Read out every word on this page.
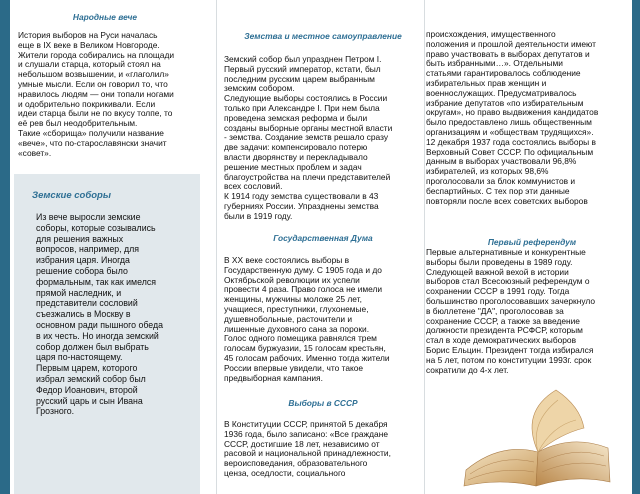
Народные вече

История выборов на Руси началась
еще в IX веке в Великом Новгороде.
Жители города собирались на площади
и слушали старца, который стоял на
небольшом возвышении, и «глаголил»
умные мысли. Если он говорил то, что
нравилось людям — они топали ногами
и одобрительно покрикивали. Если
идеи старца были не по вкусу толпе, то
её рев был неодобрительным.
Такие «сборища» получили название
«вече», что по-старославянски значит
«совет».

Земские соборы

Из вече выросли земские
соборы, которые созывались
для решения важных
вопросов, например, для
избрания царя. Иногда
решение собора было
формальным, так как имелся
прямой наследник, и
представители сословий
съезжались в Москву в
основном ради пышного обеда
в их честь. Но иногда земский
собор должен был выбрать
царя по-настоящему.
Первым царем, которого
избрал земский собор был
Федор Иоанович, второй
русский царь и сын Ивана
Грозного.

Земства и местное самоуправление

Земский собор был упразднен Петром I.
Первый русский император, кстати, был
последним русским царем выбранным
земским собором.
Следующие выборы состоялись в России
только при Александре I. При нем была
проведена земская реформа и были
созданы выборные органы местной власти
- земства. Создание земств решало сразу
две задачи: компенсировало потерю
власти дворянству и перекладывало
решение местных проблем и задач
благоустройства на плечи представителей
всех сословий.
К 1914 году земства существовали в 43
губерниях России. Упразднены земства
были в 1919 году.

Государственная Дума

В XX веке состоялись выборы в
Государственную думу. С 1905 года и до
Октябрьской революции их успели
провести 4 раза. Право голоса не имели
женщины, мужчины моложе 25 лет,
учащиеся, преступники, глухонемые,
душевнобольные, расточители и
лишенные духовного сана за пороки.
Голос одного помещика равнялся трем
голосам буржуазии, 15 голосам крестьян,
45 голосам рабочих. Именно тогда жители
России впервые увидели, что такое
предвыборная кампания.

Выборы в СССР

В Конституции СССР, принятой 5 декабря
1936 года, было записано: «Все граждане
СССР, достигшие 18 лет, независимо от
расовой и национальной принадлежности,
вероисповедания, образовательного
ценза, оседлости, социального

происхождения, имущественного
положения и прошлой деятельности имеют
право участвовать в выборах депутатов и
быть избранными…». Отдельными
статьями гарантировалось соблюдение
избирательных прав женщин и
военнослужащих. Предусматривалось
избрание депутатов «по избирательным
округам», но право выдвижения кандидатов
было предоставлено лишь общественным
организациям и «обществам трудящихся».
12 декабря 1937 года состоялись выборы в
Верховный Совет СССР. По официальным
данным в выборах участвовали 96,8%
избирателей, из которых 98,6%
проголосовали за блок коммунистов и
беспартийных. С тех пор эти данные
повторяли после всех советских выборов

Первый референдум

Первые альтернативные и конкурентные
выборы были проведены в 1989 году.
Следующей важной вехой в истории
выборов стал Всесоюзный референдум о
сохранении СССР в 1991 году. Тогда
большинство проголосовавших зачеркнуло
в бюллетене "ДА", проголосовав за
сохранение СССР, а также за введение
должности президента РСФСР, которым
стал в ходе демократических выборов
Борис Ельцин. Президент тогда избирался
на 5 лет, потом по конституции 1993г. срок
сократили до 4-х лет.
